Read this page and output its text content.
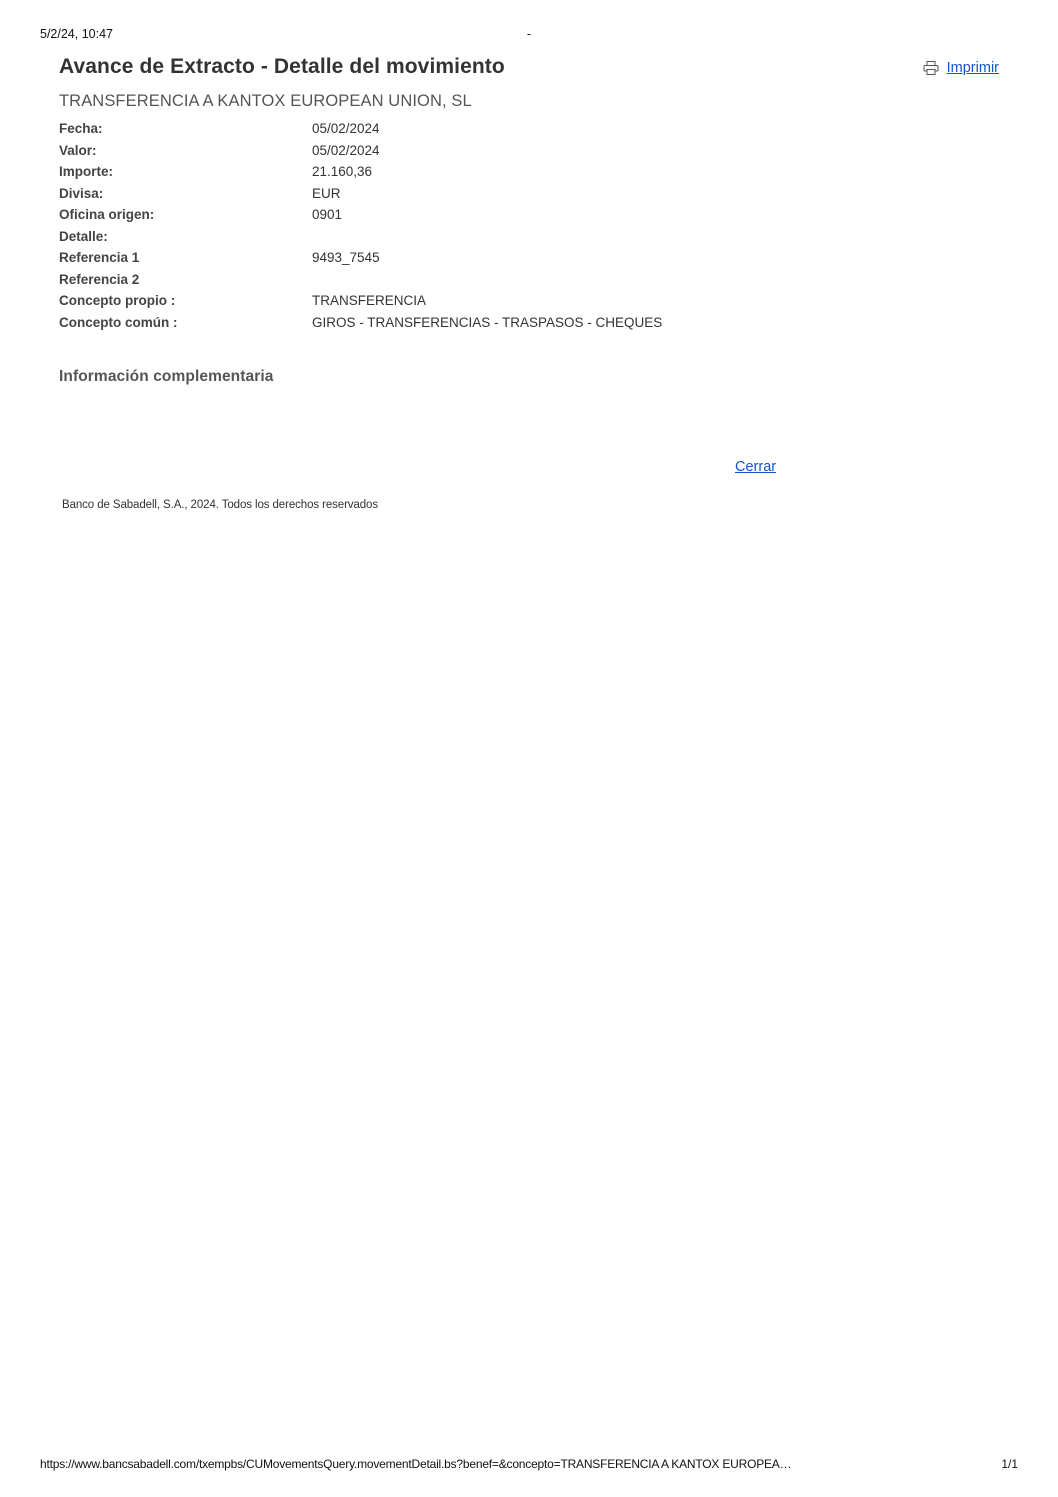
5/2/24, 10:47	-
Avance de Extracto - Detalle del movimiento	Imprimir
TRANSFERENCIA A KANTOX EUROPEAN UNION, SL
Fecha:	05/02/2024
Valor:	05/02/2024
Importe:	21.160,36
Divisa:	EUR
Oficina origen:	0901
Detalle:	
Referencia 1	9493_7545
Referencia 2	
Concepto propio :	TRANSFERENCIA
Concepto común :	GIROS - TRANSFERENCIAS - TRASPASOS - CHEQUES
Información complementaria
Cerrar
Banco de Sabadell, S.A., 2024. Todos los derechos reservados
https://www.bancsabadell.com/txempbs/CUMovementsQuery.movementDetail.bs?benef=&concepto=TRANSFERENCIA A KANTOX EUROPEA…	1/1
